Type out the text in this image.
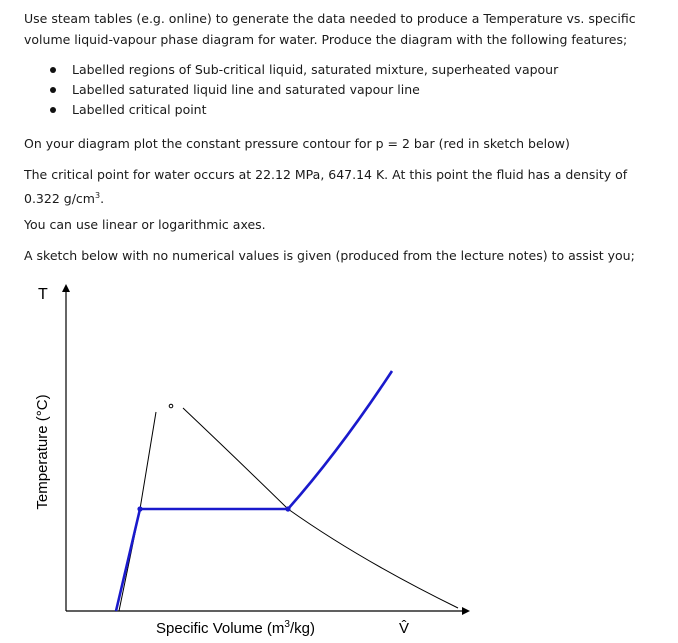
Use steam tables (e.g. online) to generate the data needed to produce a Temperature vs. specific volume liquid-vapour phase diagram for water. Produce the diagram with the following features;

Labelled regions of Sub-critical liquid, saturated mixture, superheated vapour
Labelled saturated liquid line and saturated vapour line
Labelled critical point

On your diagram plot the constant pressure contour for p = 2 bar (red in sketch below)

The critical point for water occurs at 22.12 MPa, 647.14 K. At this point the fluid has a density of 0.322 $g/cm^3$.

You can use linear or logarithmic axes.

A sketch below with no numerical values is given (produced from the lecture notes) to assist you;

T
Temperature (°C)
Specific Volume $(m^3/kg)$	V̂
